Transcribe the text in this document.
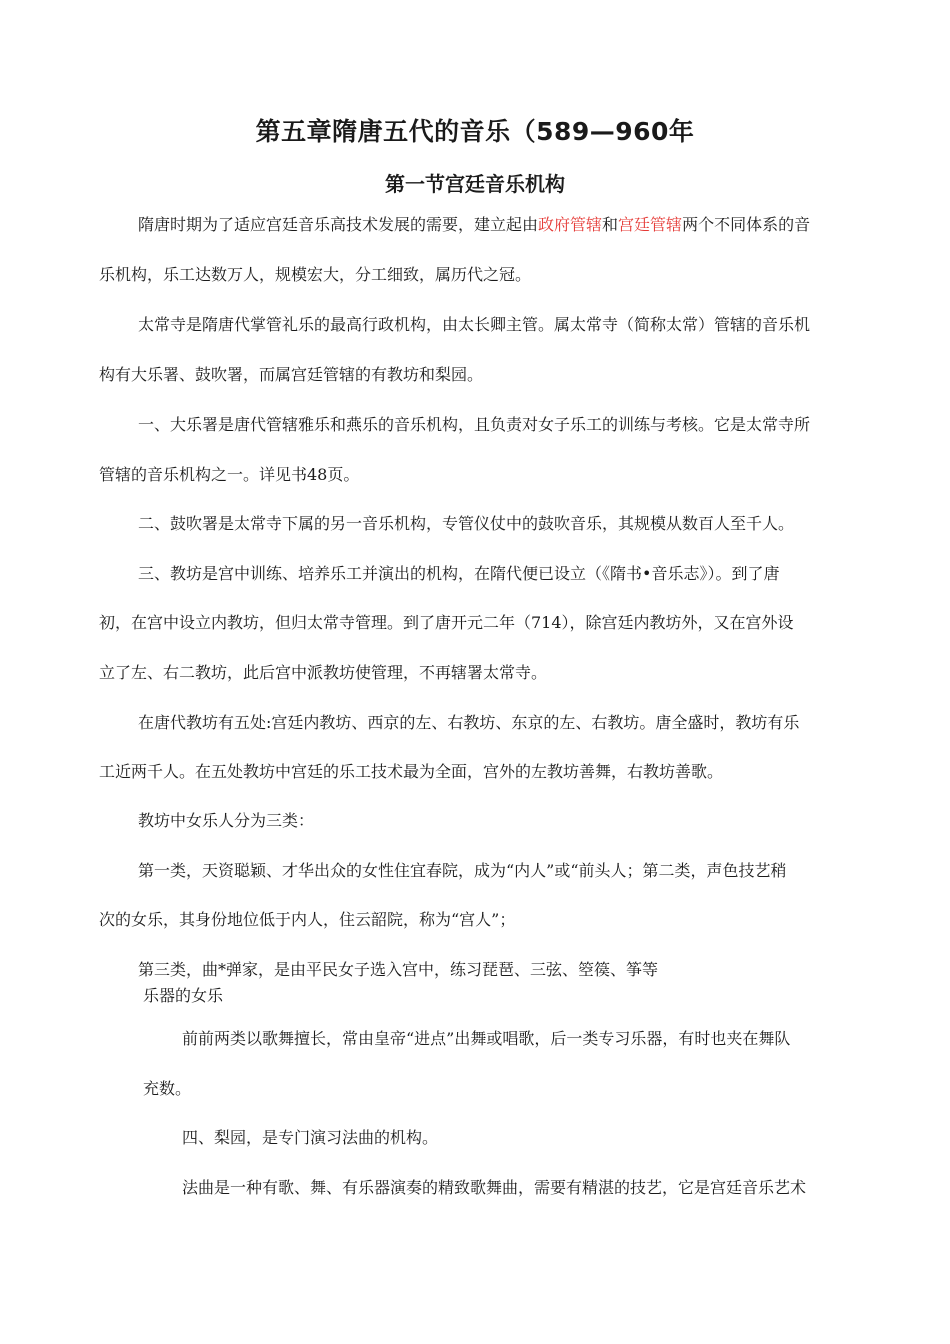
第五章隋唐五代的音乐（589—960年
第一节宫廷音乐机构
隋唐时期为了适应宫廷音乐高技术发展的需要，建立起由政府管辖和宫廷管辖两个不同体系的音
乐机构，乐工达数万人，规模宏大，分工细致，属历代之冠。
太常寺是隋唐代掌管礼乐的最高行政机构，由太长卿主管。属太常寺（简称太常）管辖的音乐机
构有大乐署、鼓吹署，而属宫廷管辖的有教坊和梨园。
一、大乐署是唐代管辖雅乐和燕乐的音乐机构，且负责对女子乐工的训练与考核。它是太常寺所
管辖的音乐机构之一。详见书48页。
二、鼓吹署是太常寺下属的另一音乐机构，专管仪仗中的鼓吹音乐，其规模从数百人至千人。
三、教坊是宫中训练、培养乐工并演出的机构，在隋代便已设立（《隋书•音乐志》）。到了唐
初，在宫中设立内教坊，但归太常寺管理。到了唐开元二年（714），除宫廷内教坊外，又在宫外设
立了左、右二教坊，此后宫中派教坊使管理，不再辖署太常寺。
在唐代教坊有五处:宫廷内教坊、西京的左、右教坊、东京的左、右教坊。唐全盛时，教坊有乐
工近两千人。在五处教坊中宫廷的乐工技术最为全面，宫外的左教坊善舞，右教坊善歌。
教坊中女乐人分为三类：
第一类，天资聪颖、才华出众的女性住宜春院，成为“内人”或“前头人；第二类，声色技艺稍
次的女乐，其身份地位低于内人，住云韶院，称为“宫人”；
第三类，曲*弹家，是由平民女子选入宫中，练习琵琶、三弦、箜篌、筝等
乐器的女乐
前前两类以歌舞擅长，常由皇帝“进点”出舞或唱歌，后一类专习乐器，有时也夹在舞队
充数。
四、梨园，是专门演习法曲的机构。
法曲是一种有歌、舞、有乐器演奏的精致歌舞曲，需要有精湛的技艺，它是宫廷音乐艺术
